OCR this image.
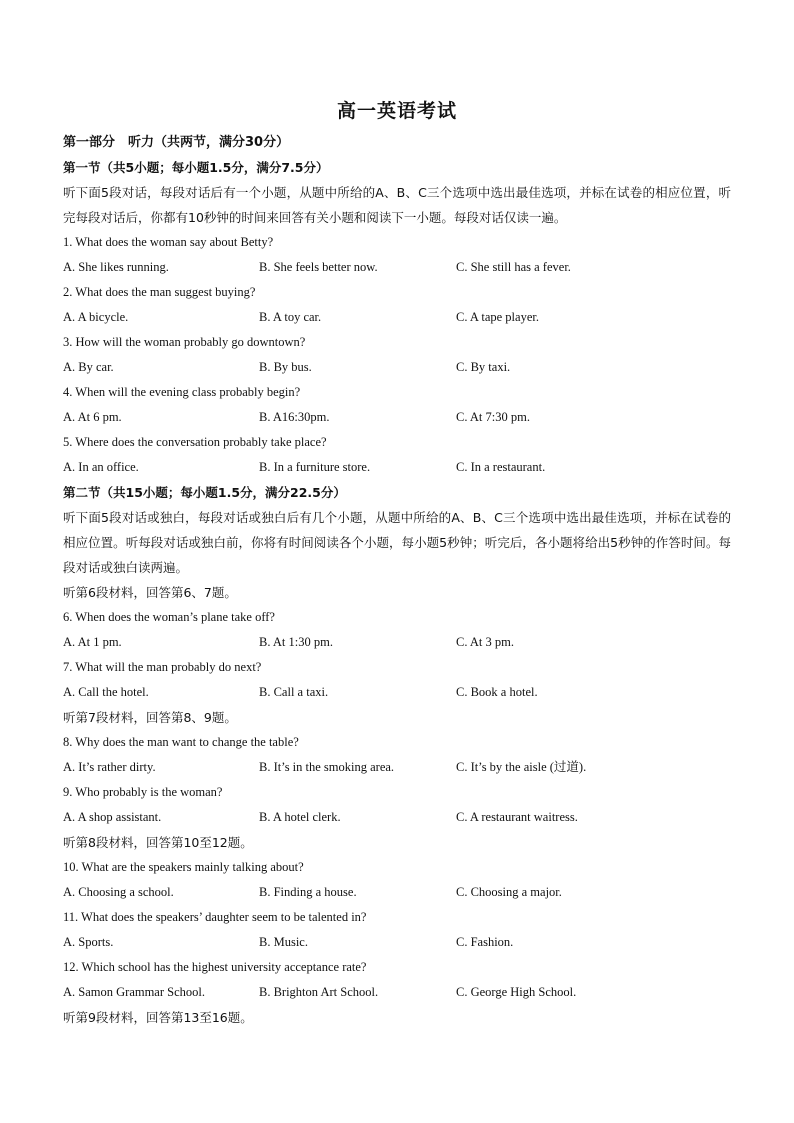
高一英语考试
第一部分　听力（共两节，满分30分）
第一节（共5小题；每小题1.5分，满分7.5分）
听下面5段对话，每段对话后有一个小题，从题中所给的A、B、C三个选项中选出最佳选项，并标在试卷的相应位置，听完每段对话后，你都有10秒钟的时间来回答有关小题和阅读下一小题。每段对话仅读一遍。
1. What does the woman say about Betty?
A. She likes running.	B. She feels better now.	C. She still has a fever.
2. What does the man suggest buying?
A. A bicycle.	B. A toy car.	C. A tape player.
3. How will the woman probably go downtown?
A. By car.	B. By bus.	C. By taxi.
4. When will the evening class probably begin?
A. At 6 pm.	B. A16:30pm.	C. At 7:30 pm.
5. Where does the conversation probably take place?
A. In an office.	B. In a furniture store.	C. In a restaurant.
第二节（共15小题；每小题1.5分，满分22.5分）
听下面5段对话或独白，每段对话或独白后有几个小题，从题中所给的A、B、C三个选项中选出最佳选项，并标在试卷的相应位置。听每段对话或独白前，你将有时间阅读各个小题，每小题5秒钟；听完后，各小题将给出5秒钟的作答时间。每段对话或独白读两遍。
听第6段材料，回答第6、7题。
6. When does the woman’s plane take off?
A. At 1 pm.	B. At 1:30 pm.	C. At 3 pm.
7. What will the man probably do next?
A. Call the hotel.	B. Call a taxi.	C. Book a hotel.
听第7段材料，回答第8、9题。
8. Why does the man want to change the table?
A. It’s rather dirty.	B. It’s in the smoking area.	C. It’s by the aisle (过道).
9. Who probably is the woman?
A. A shop assistant.	B. A hotel clerk.	C. A restaurant waitress.
听第8段材料，回答第10至12题。
10. What are the speakers mainly talking about?
A. Choosing a school.	B. Finding a house.	C. Choosing a major.
11. What does the speakers’ daughter seem to be talented in?
A. Sports.	B. Music.	C. Fashion.
12. Which school has the highest university acceptance rate?
A. Samon Grammar School.	B. Brighton Art School.	C. George High School.
听第9段材料，回答第13至16题。
